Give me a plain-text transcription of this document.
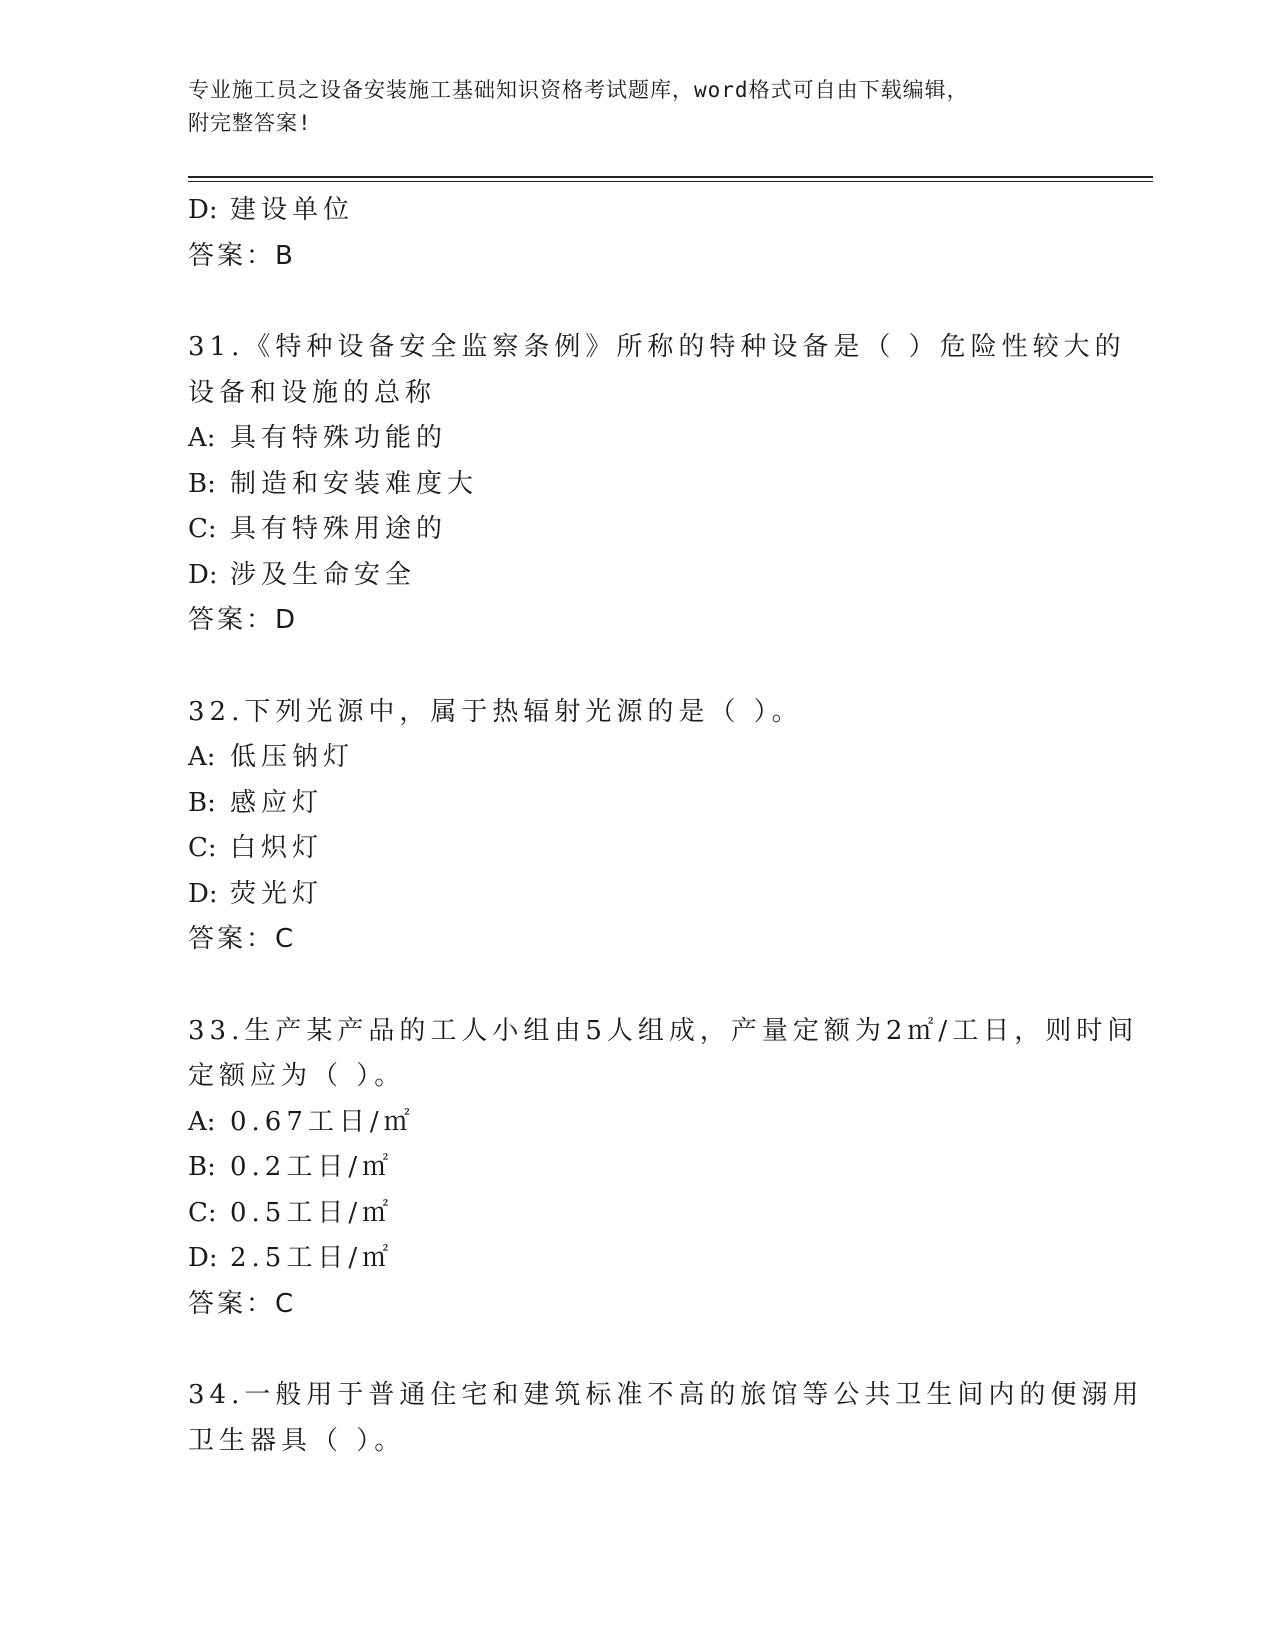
专业施工员之设备安装施工基础知识资格考试题库，word格式可自由下载编辑，
附完整答案!
D: 建设单位
答案：B
31.《特种设备安全监察条例》所称的特种设备是（ ）危险性较大的
设备和设施的总称
A: 具有特殊功能的
B: 制造和安装难度大
C: 具有特殊用途的
D: 涉及生命安全
答案：D
32.下列光源中，属于热辐射光源的是（ ）。
A: 低压钠灯
B: 感应灯
C: 白炽灯
D: 荧光灯
答案：C
33.生产某产品的工人小组由5人组成，产量定额为2㎡/工日，则时间
定额应为（ ）。
A: 0.67工日/㎡
B: 0.2工日/㎡
C: 0.5工日/㎡
D: 2.5工日/㎡
答案：C
34.一般用于普通住宅和建筑标准不高的旅馆等公共卫生间内的便溺用
卫生器具（ ）。
